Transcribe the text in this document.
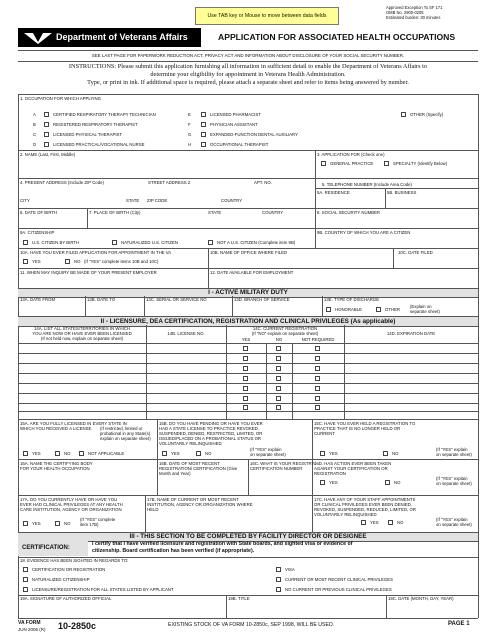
Use TAB key or Mouse to move between data fields
Approved Exception To SF 171
OMB No. 2900-0205
Estimated burden: 30 minutes
Department of Veterans Affairs	APPLICATION FOR ASSOCIATED HEALTH OCCUPATIONS
SEE LAST PAGE FOR PAPERWORK REDUCTION ACT, PRIVACY ACT AND INFORMATION ABOUT DISCLOSURE OF YOUR SOCIAL SECURITY NUMBER.
INSTRUCTIONS: Please submit this application furnishing all information in sufficient detail to enable the Department of Veterans Affairs to
determine your eligibility for appointment in Veterans Health Administration.
Type, or print in ink. If additional space is required, please attach a separate sheet and refer to items being answered by number.
1. OCCUPATION FOR WHICH APPLYING
A	CERTIFIED RESPIRATORY THERAPY TECHNICIAN
B	REGISTERED RESPIRATORY THERAPIST
C	LICENSED PHYSICAL THERAPIST
D	LICENSED PRACTICAL/VOCATIONAL NURSE
E	LICENSED PHARMACIST
F	PHYSICIAN ASSISTANT
G	EXPANDED-FUNCTION DENTAL AUXILIARY
H	OCCUPATIONAL THERAPIST
OTHER (Specify)
2. NAME (Last, First, Middle)	3. APPLICATION FOR (Check one)
GENERAL PRACTICE	SPECIALTY (Identify Below)
4. PRESENT ADDRESS (Include ZIP Code)	STREET ADDRESS 2	APT. NO.
CITY	STATE ZIP CODE	COUNTRY
5. TELEPHONE NUMBER (Include Area Code)
5A. RESIDENCE	5B. BUSINESS
6. DATE OF BIRTH	7. PLACE OF BIRTH (City)	STATE	COUNTRY	8. SOCIAL SECURITY NUMBER
9A. CITIZENSHIP
U.S. CITIZEN BY BIRTH	NATURALIZED U.S. CITIZEN	NOT A U.S. CITIZEN (Complete item 9B)
9B. COUNTRY OF WHICH YOU ARE A CITIZEN
10A. HAVE YOU EVER FILED APPLICATION FOR APPOINTMENT IN THE VA
YES	NO (If "YES" complete items 10B and 10C)
10B. NAME OF OFFICE WHERE FILED	10C. DATE FILED
11. WHEN MAY INQUIRY BE MADE OF YOUR PRESENT EMPLOYER	12. DATE AVAILABLE FOR EMPLOYMENT
I - ACTIVE MILITARY DUTY
13A. DATE FROM	13B. DATE TO	13C. SERIAL OR SERVICE NO	13D. BRANCH OF SERVICE	13E. TYPE OF DISCHARGE
HONORABLE	OTHER
(Explain on
separate sheet)
II - LICENSURE, DEA CERTIFICATION, REGISTRATION AND CLINICAL PRIVILEGES (As applicable)
14A. LIST ALL STATES/TERRITORIES IN WHICH
YOU ARE NOW OR HAVE EVER BEEN LICENSED
(If not held now, explain on separate sheet)
14B. LICENSE NO.
14C. CURRENT REGISTRATION
(If "NO" explain on separate sheet)
YES	NO	NOT REQUIRED
14D. EXPIRATION DATE
15A. ARE YOU FULLY LICENSED IN EVERY STATE IN
WHICH YOU RECEIVED A LICENSE (If restricted, limited or
probational in any State(s)
explain on separate sheet)
YES	NO	NOT APPLICABLE
15B. DO YOU HAVE PENDING OR HAVE YOU EVER
HAD A STATE LICENSE TO PRACTICE REVOKED,
SUSPENDED, DENIED, RESTRICTED, LIMITED, OR
ISSUED/PLACED ON A PROBATIONAL STATUS OR
VOLUNTARILY RELINQUISHED
YES	NO
(If "YES" explain
on separate sheet)
15C. HAVE YOU EVER HELD A REGISTRATION TO
PRACTICE THAT IS NO LONGER HELD OR
CURRENT
YES	NO
(If "YES" explain
on separate sheet)
16A. NAME THE CERTIFYING BODY
FOR YOUR HEALTH OCCUPATION
16B. DATE OF MOST RECENT
REGISTRATION/ CERTIFICATION (Give
Month and Year)
16C. WHAT IS YOUR REGISTRY/
CERTIFICATION NUMBER
16D. HAS ACTION EVER BEEN TAKEN
AGAINST YOUR CERTIFICATION OR
REGISTRATION
YES	NO
(If "YES" explain
on separate sheet)
17A. DO YOU CURRENTLY HAVE OR HAVE YOU
EVER HAD CLINICAL PRIVILEGES AT ANY HEALTH
CARE INSTITUTION, AGENCY OR ORGANIZATION
YES	NO
(If "YES" complete
item 17B)
17B. NAME OF CURRENT OR MOST RECENT
INSTITUTION, AGENCY OR ORGANIZATION WHERE
HELD
17C. HAVE ANY OF YOUR STAFF APPOINTMENTS
OR CLINICAL PRIVILEGES EVER BEEN DENIED,
REVOKED, SUSPENDED, REDUCED, LIMITED, OR
VOLUNTARILY RELINQUISHED
YES	NO
(If "YES" explain
on separate sheet)
III - THIS SECTION TO BE COMPLETED BY FACILITY DIRECTOR OR DESIGNEE
CERTIFICATION:
I certify that I have verified licensure and registration with State boards, and sighted visa or evidence of
citizenship. Board certification has been verified (if appropriate).
18. EVIDENCE HAS BEEN SIGHTED IN REGARDS TO:
CERTIFICATION OR REGISTRATION
NATURALIZED CITIZENSHIP
LICENSURE/REGISTRATION FOR ALL STATES LISTED BY APPLICANT
VISA
CURRENT OR MOST RECENT CLINICAL PRIVILEGES
NO CURRENT OR PREVIOUS CLINICAL PRIVILEGES
19A. SIGNATURE OF AUTHORIZED OFFICIAL	19B. TITLE	19C. DATE (MONTH, DAY, YEAR)
VA FORM
JUN 2006 (R) 10-2850c	EXISTING STOCK OF VA FORM 10-2850c, SEP 1998, WILL BE USED.	PAGE 1
